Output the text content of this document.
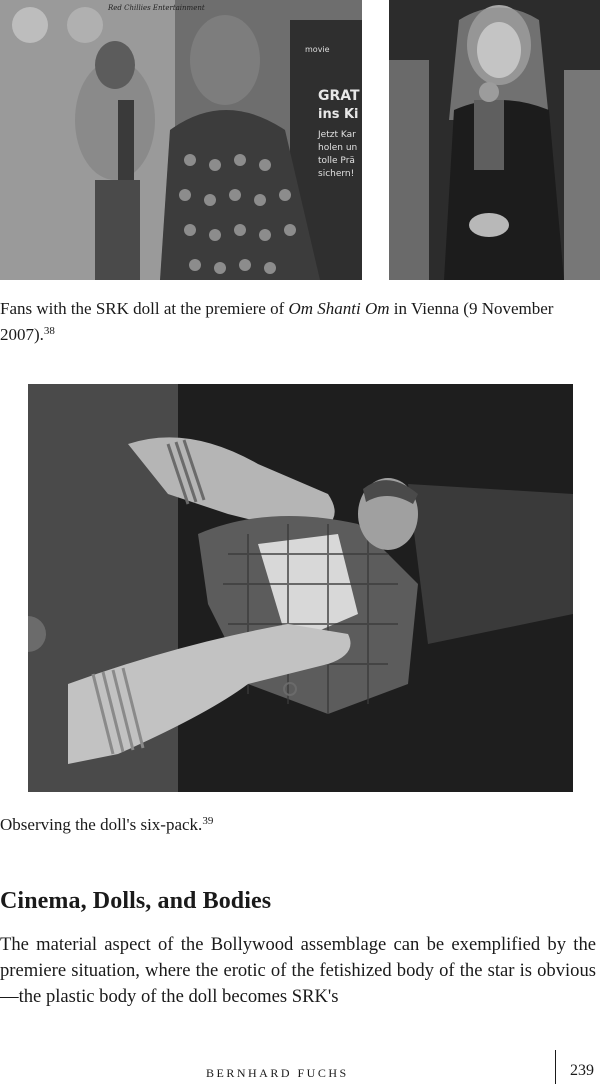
Red Chillies Entertainment
movie
GRAT
ins Ki
Jetzt Kar
holen un
tolle Prä
sichern!
Fans with the SRK doll at the premiere of Om Shanti Om in Vienna (9 November 2007).$^{38}$
Observing the doll's six-pack.$^{39}$
Cinema, Dolls, and Bodies

The material aspect of the Bollywood assemblage can be exemplified by the premiere situation, where the erotic of the fetishized body of the star is obvious—the plastic body of the doll becomes SRK's

BERNHARD FUCHS	239
